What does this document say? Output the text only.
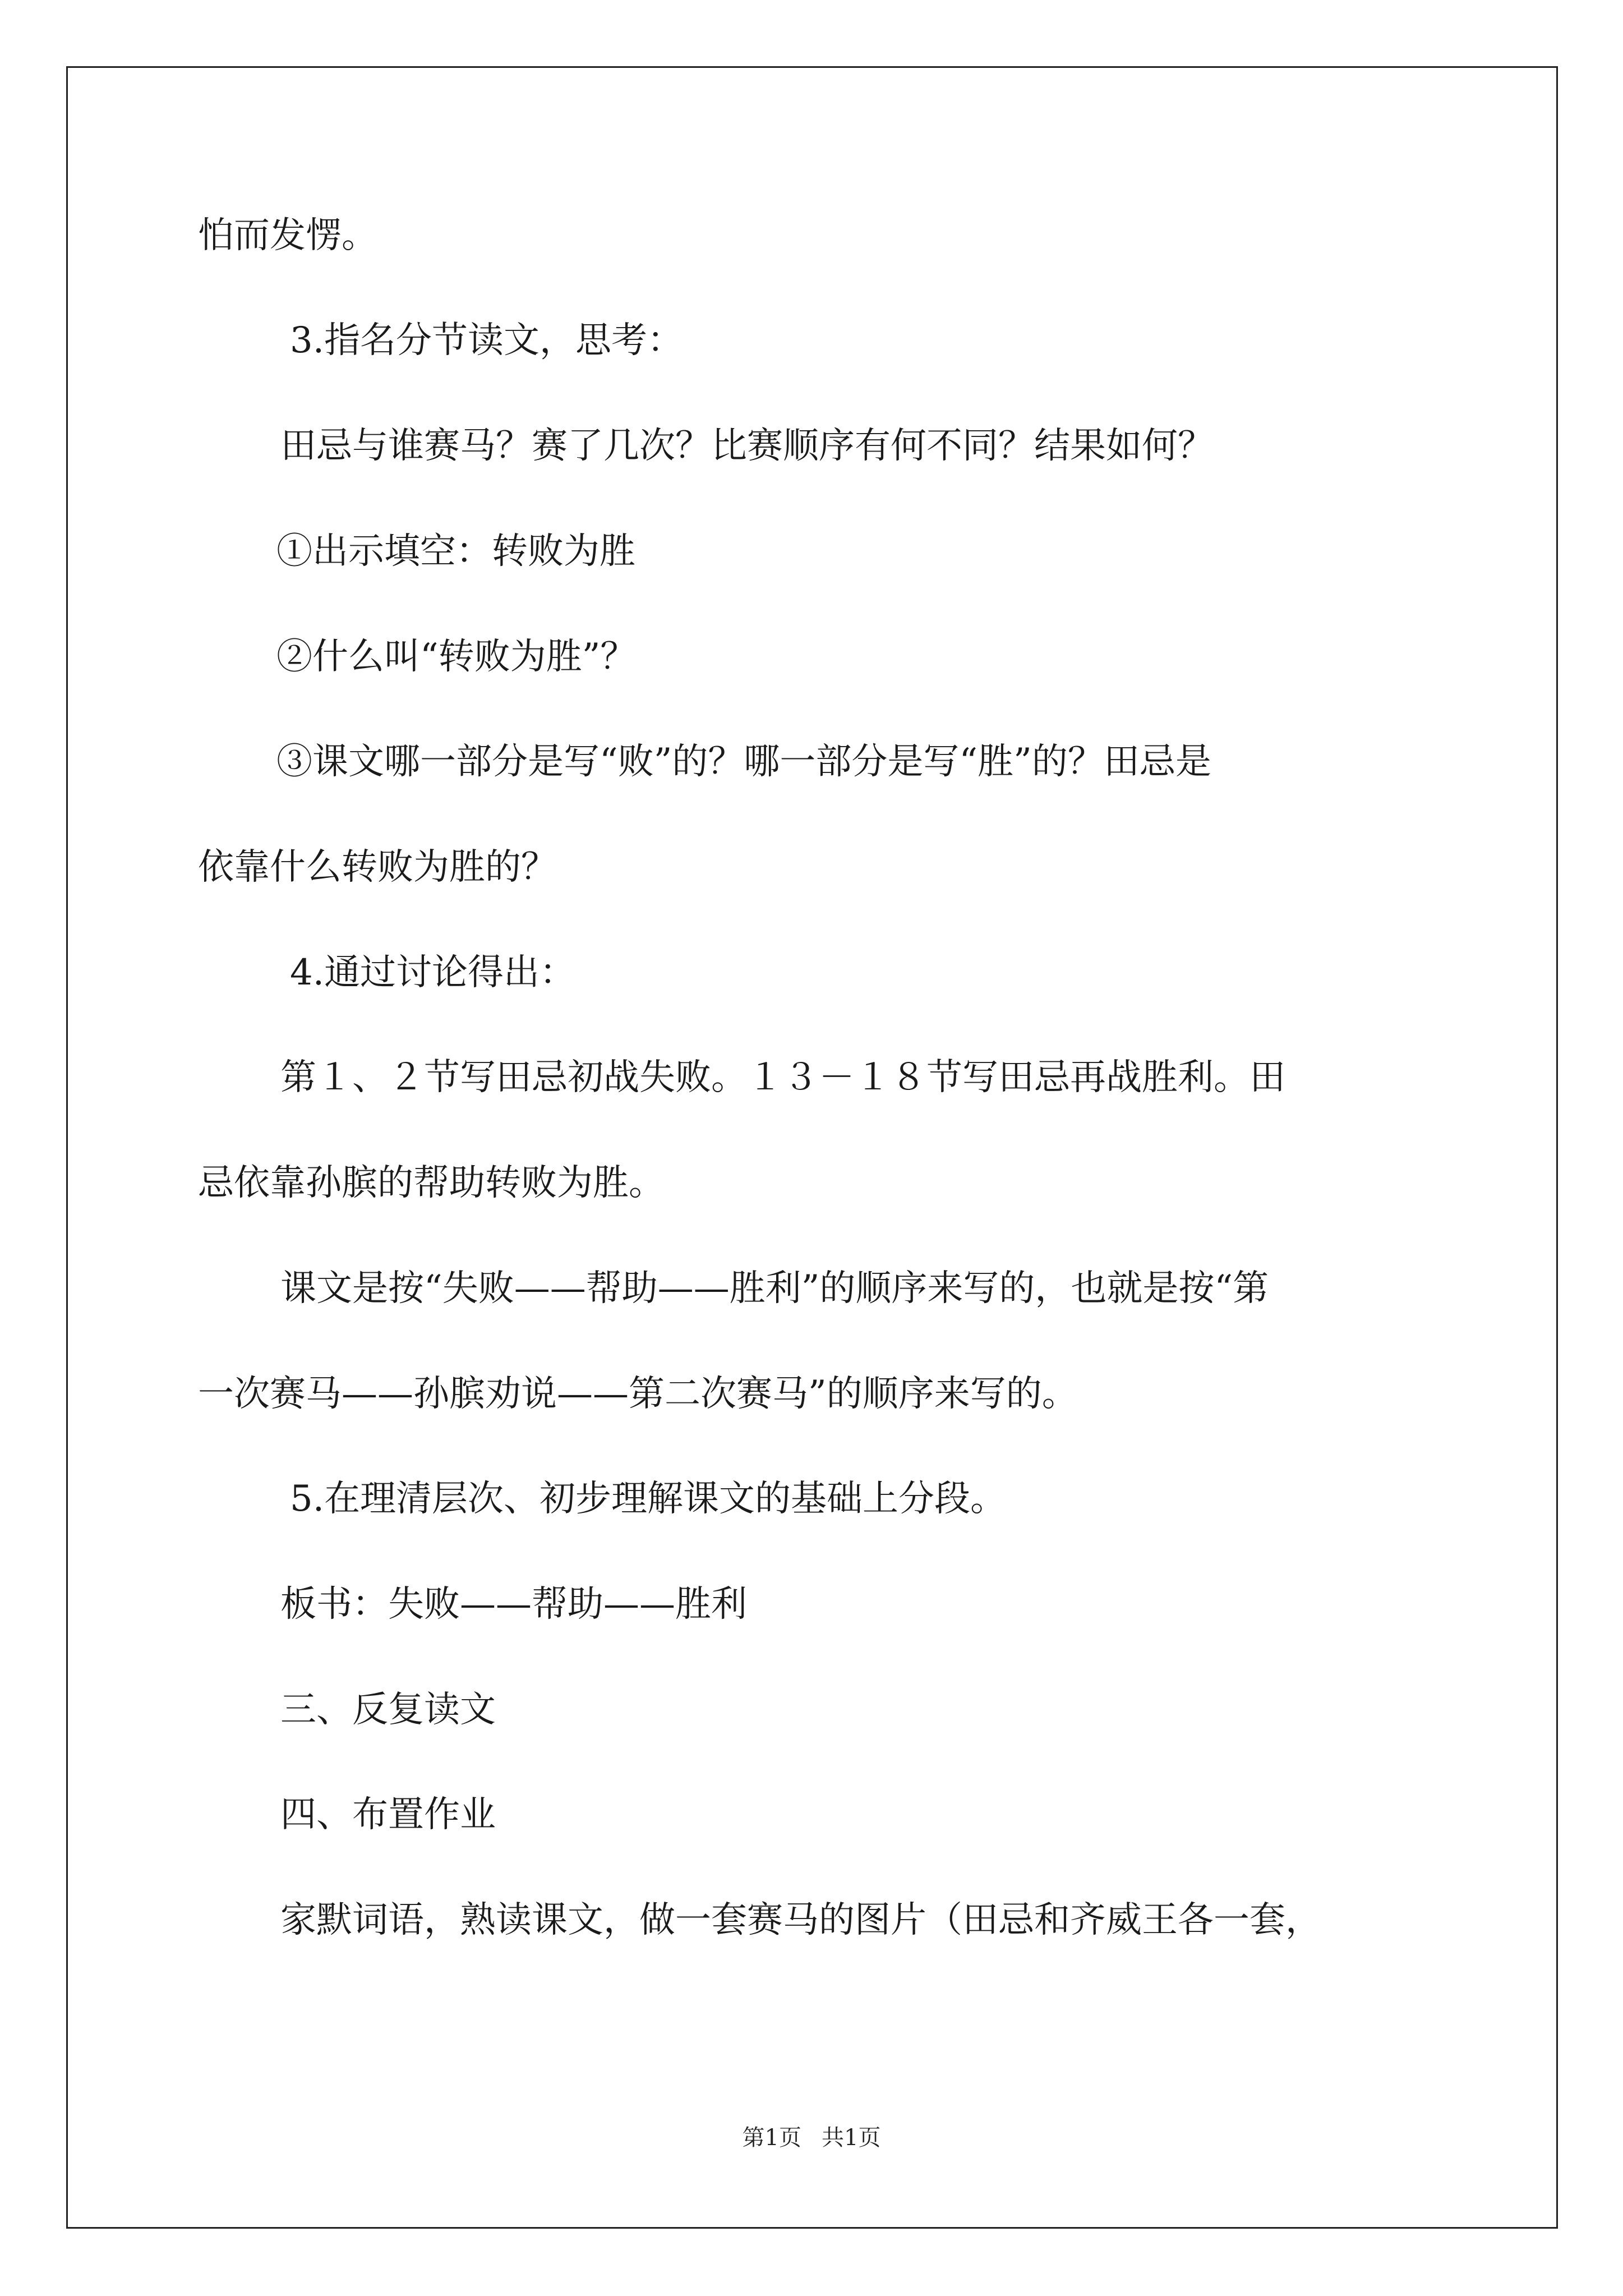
怕而发愣。
3.指名分节读文，思考：
田忌与谁赛马？赛了几次？比赛顺序有何不同？结果如何？
①出示填空：转败为胜
②什么叫“转败为胜”？
③课文哪一部分是写“败”的？哪一部分是写“胜”的？田忌是
依靠什么转败为胜的？
4.通过讨论得出：
第１、２节写田忌初战失败。１３－１８节写田忌再战胜利。田
忌依靠孙膑的帮助转败为胜。
课文是按“失败——帮助——胜利”的顺序来写的，也就是按“第
一次赛马——孙膑劝说——第二次赛马”的顺序来写的。
5.在理清层次、初步理解课文的基础上分段。
板书：失败——帮助——胜利
三、反复读文
四、布置作业
家默词语，熟读课文，做一套赛马的图片（田忌和齐威王各一套，
第1页 共1页
